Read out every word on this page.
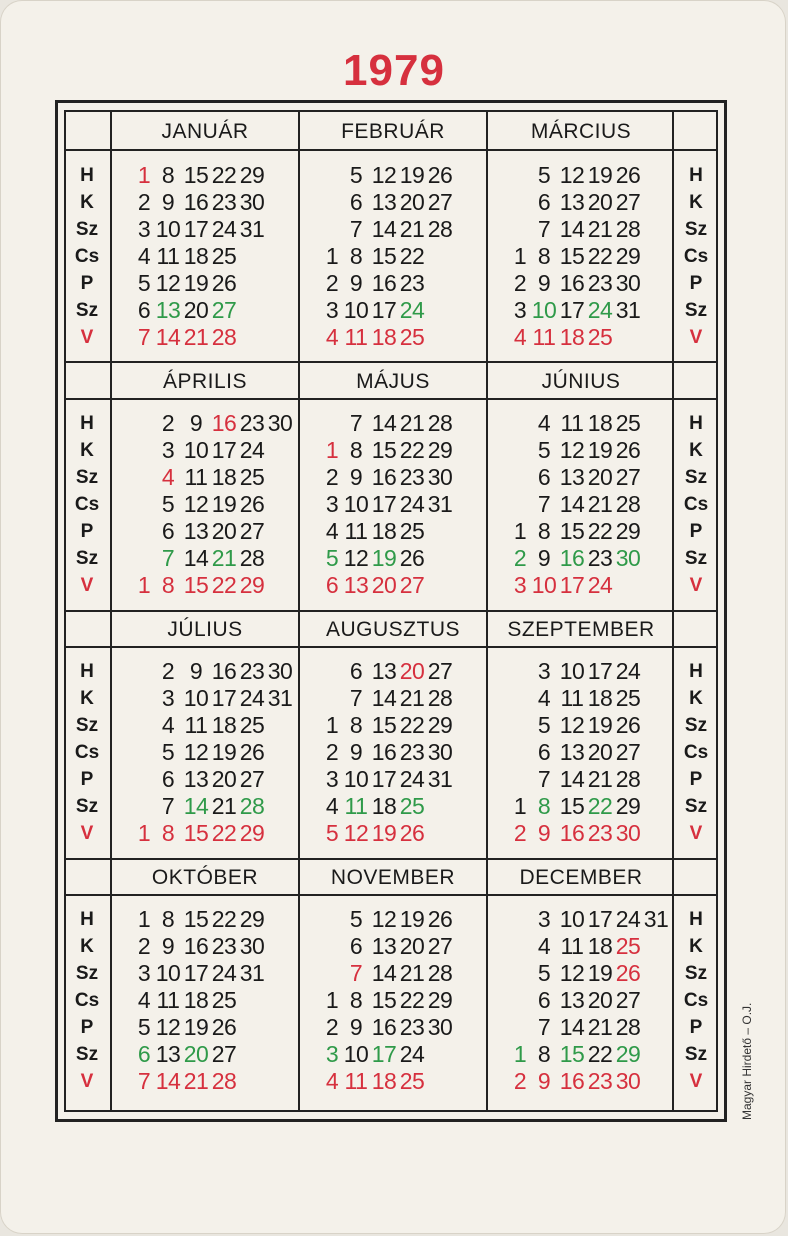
1979
H
K
Sz
Cs
P
Sz
V
H
K
Sz
Cs
P
Sz
V
H
K
Sz
Cs
P
Sz
V
H
K
Sz
Cs
P
Sz
V
H
K
Sz
Cs
P
Sz
V
H
K
Sz
Cs
P
Sz
V
H
K
Sz
Cs
P
Sz
V
H
K
Sz
Cs
P
Sz
V
JANUÁR
1 8 15 22 29
2 9 16 23 30
3 10 17 24 31
4 11 18 25
5 12 19 26
6 13 20 27
7 14 21 28
FEBRUÁR
5 12 19 26
6 13 20 27
7 14 21 28
1 8 15 22
2 9 16 23
3 10 17 24
4 11 18 25
MÁRCIUS
5 12 19 26
6 13 20 27
7 14 21 28
1 8 15 22 29
2 9 16 23 30
3 10 17 24 31
4 11 18 25
ÁPRILIS
2 9 16 23 30
3 10 17 24
4 11 18 25
5 12 19 26
6 13 20 27
7 14 21 28
1 8 15 22 29
MÁJUS
7 14 21 28
1 8 15 22 29
2 9 16 23 30
3 10 17 24 31
4 11 18 25
5 12 19 26
6 13 20 27
JÚNIUS
4 11 18 25
5 12 19 26
6 13 20 27
7 14 21 28
1 8 15 22 29
2 9 16 23 30
3 10 17 24
JÚLIUS
2 9 16 23 30
3 10 17 24 31
4 11 18 25
5 12 19 26
6 13 20 27
7 14 21 28
1 8 15 22 29
AUGUSZTUS
6 13 20 27
7 14 21 28
1 8 15 22 29
2 9 16 23 30
3 10 17 24 31
4 11 18 25
5 12 19 26
SZEPTEMBER
3 10 17 24
4 11 18 25
5 12 19 26
6 13 20 27
7 14 21 28
1 8 15 22 29
2 9 16 23 30
OKTÓBER
1 8 15 22 29
2 9 16 23 30
3 10 17 24 31
4 11 18 25
5 12 19 26
6 13 20 27
7 14 21 28
NOVEMBER
5 12 19 26
6 13 20 27
7 14 21 28
1 8 15 22 29
2 9 16 23 30
3 10 17 24
4 11 18 25
DECEMBER
3 10 17 24 31
4 11 18 25
5 12 19 26
6 13 20 27
7 14 21 28
1 8 15 22 29
2 9 16 23 30	Magyar Hirdető – O.J.
